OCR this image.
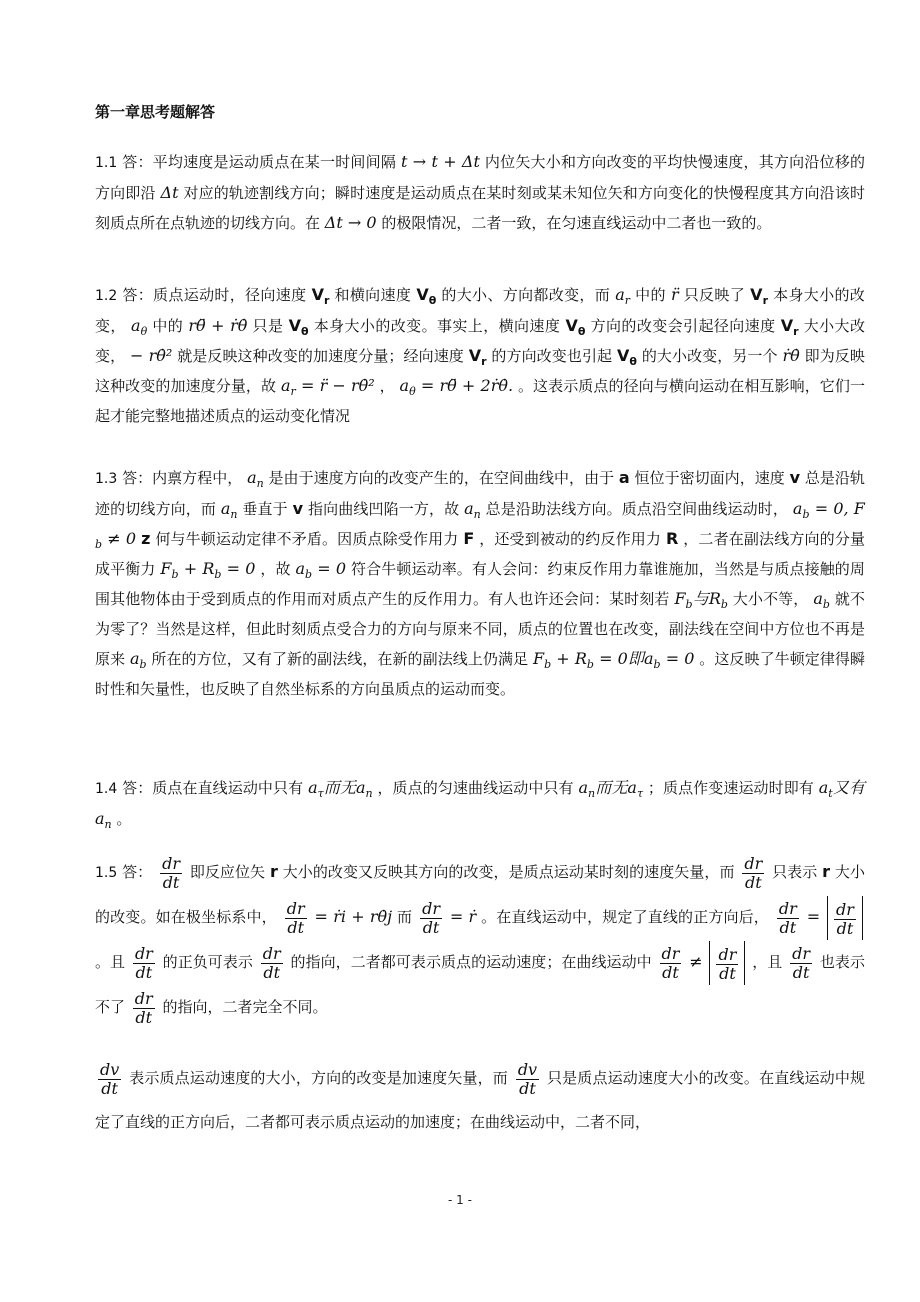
第一章思考题解答
1.1 答：平均速度是运动质点在某一时间间隔 t → t + Δt 内位矢大小和方向改变的平均快慢速度，其方向沿位移的方向即沿 Δt 对应的轨迹割线方向；瞬时速度是运动质点在某时刻或某未知位矢和方向变化的快慢程度其方向沿该时刻质点所在点轨迹的切线方向。在 Δt → 0 的极限情况，二者一致，在匀速直线运动中二者也一致的。
1.2 答：质点运动时，径向速度 $V_r$ 和横向速度 $V_\theta$ 的大小、方向都改变，而 $a_r$ 中的 r̈ 只反映了 $V_r$ 本身大小的改变， $a_\theta$ 中的 rθ̈ + ṙθ̇ 只是 $V_\theta$ 本身大小的改变。事实上，横向速度 $V_\theta$ 方向的改变会引起径向速度 $V_r$ 大小大改变， − rθ̇² 就是反映这种改变的加速度分量；经向速度 $V_r$ 的方向改变也引起 $V_\theta$ 的大小改变，另一个 ṙθ̇ 即为反映这种改变的加速度分量，故 $a_r$ = r̈ − rθ̇² ， $a_\theta$ = rθ̈ + 2ṙθ̇. 。这表示质点的径向与横向运动在相互影响，它们一起才能完整地描述质点的运动变化情况
1.3 答：内禀方程中， $a_n$ 是由于速度方向的改变产生的，在空间曲线中，由于 a 恒位于密切面内，速度 v 总是沿轨迹的切线方向，而 $a_n$ 垂直于 v 指向曲线凹陷一方，故 $a_n$ 总是沿助法线方向。质点沿空间曲线运动时， $a_b = 0$, $F_b \ne 0$ z 何与牛顿运动定律不矛盾。因质点除受作用力 F ，还受到被动的约反作用力 R ，二者在副法线方向的分量成平衡力 $F_b + R_b = 0$ ，故 $a_b = 0$ 符合牛顿运动率。有人会问：约束反作用力靠谁施加，当然是与质点接触的周围其他物体由于受到质点的作用而对质点产生的反作用力。有人也许还会问：某时刻若 $F_b$与$R_b$ 大小不等， $a_b$ 就不为零了？当然是这样，但此时刻质点受合力的方向与原来不同，质点的位置也在改变，副法线在空间中方位也不再是原来 $a_b$ 所在的方位，又有了新的副法线，在新的副法线上仍满足 $F_b + R_b = 0$即$a_b = 0$ 。这反映了牛顿定律得瞬时性和矢量性，也反映了自然坐标系的方向虽质点的运动而变。
1.4 答：质点在直线运动中只有 $a_\tau$而无$a_n$ ，质点的匀速曲线运动中只有 $a_n$而无$a_\tau$ ；质点作变速运动时即有 $a_t$又有$a_n$ 。
1.5 答： $\frac{dr}{dt}$ 即反应位矢 r 大小的改变又反映其方向的改变，是质点运动某时刻的速度矢量，而 $\frac{dr}{dt}$ 只表示 r 大小的改变。如在极坐标系中， $\frac{dr}{dt}$ = ṙi + rθ̇j 而 $\frac{dr}{dt}$ = ṙ 。在直线运动中，规定了直线的正方向后， $\frac{dr}{dt} = \frac{dr}{dt}$
。且 $\frac{dr}{dt}$ 的正负可表示 $\frac{dr}{dt}$ 的指向，二者都可表示质点的运动速度；在曲线运动中 $\frac{dr}{dt} \ne \frac{dr}{dt}$ ，且 $\frac{dr}{dt}$ 也表示不了 $\frac{dr}{dt}$ 的指向，二者完全不同。
$\frac{dv}{dt}$ 表示质点运动速度的大小，方向的改变是加速度矢量，而 $\frac{dv}{dt}$ 只是质点运动速度大小的改变。在直线运动中规定了直线的正方向后，二者都可表示质点运动的加速度；在曲线运动中，二者不同，
- 1 -
